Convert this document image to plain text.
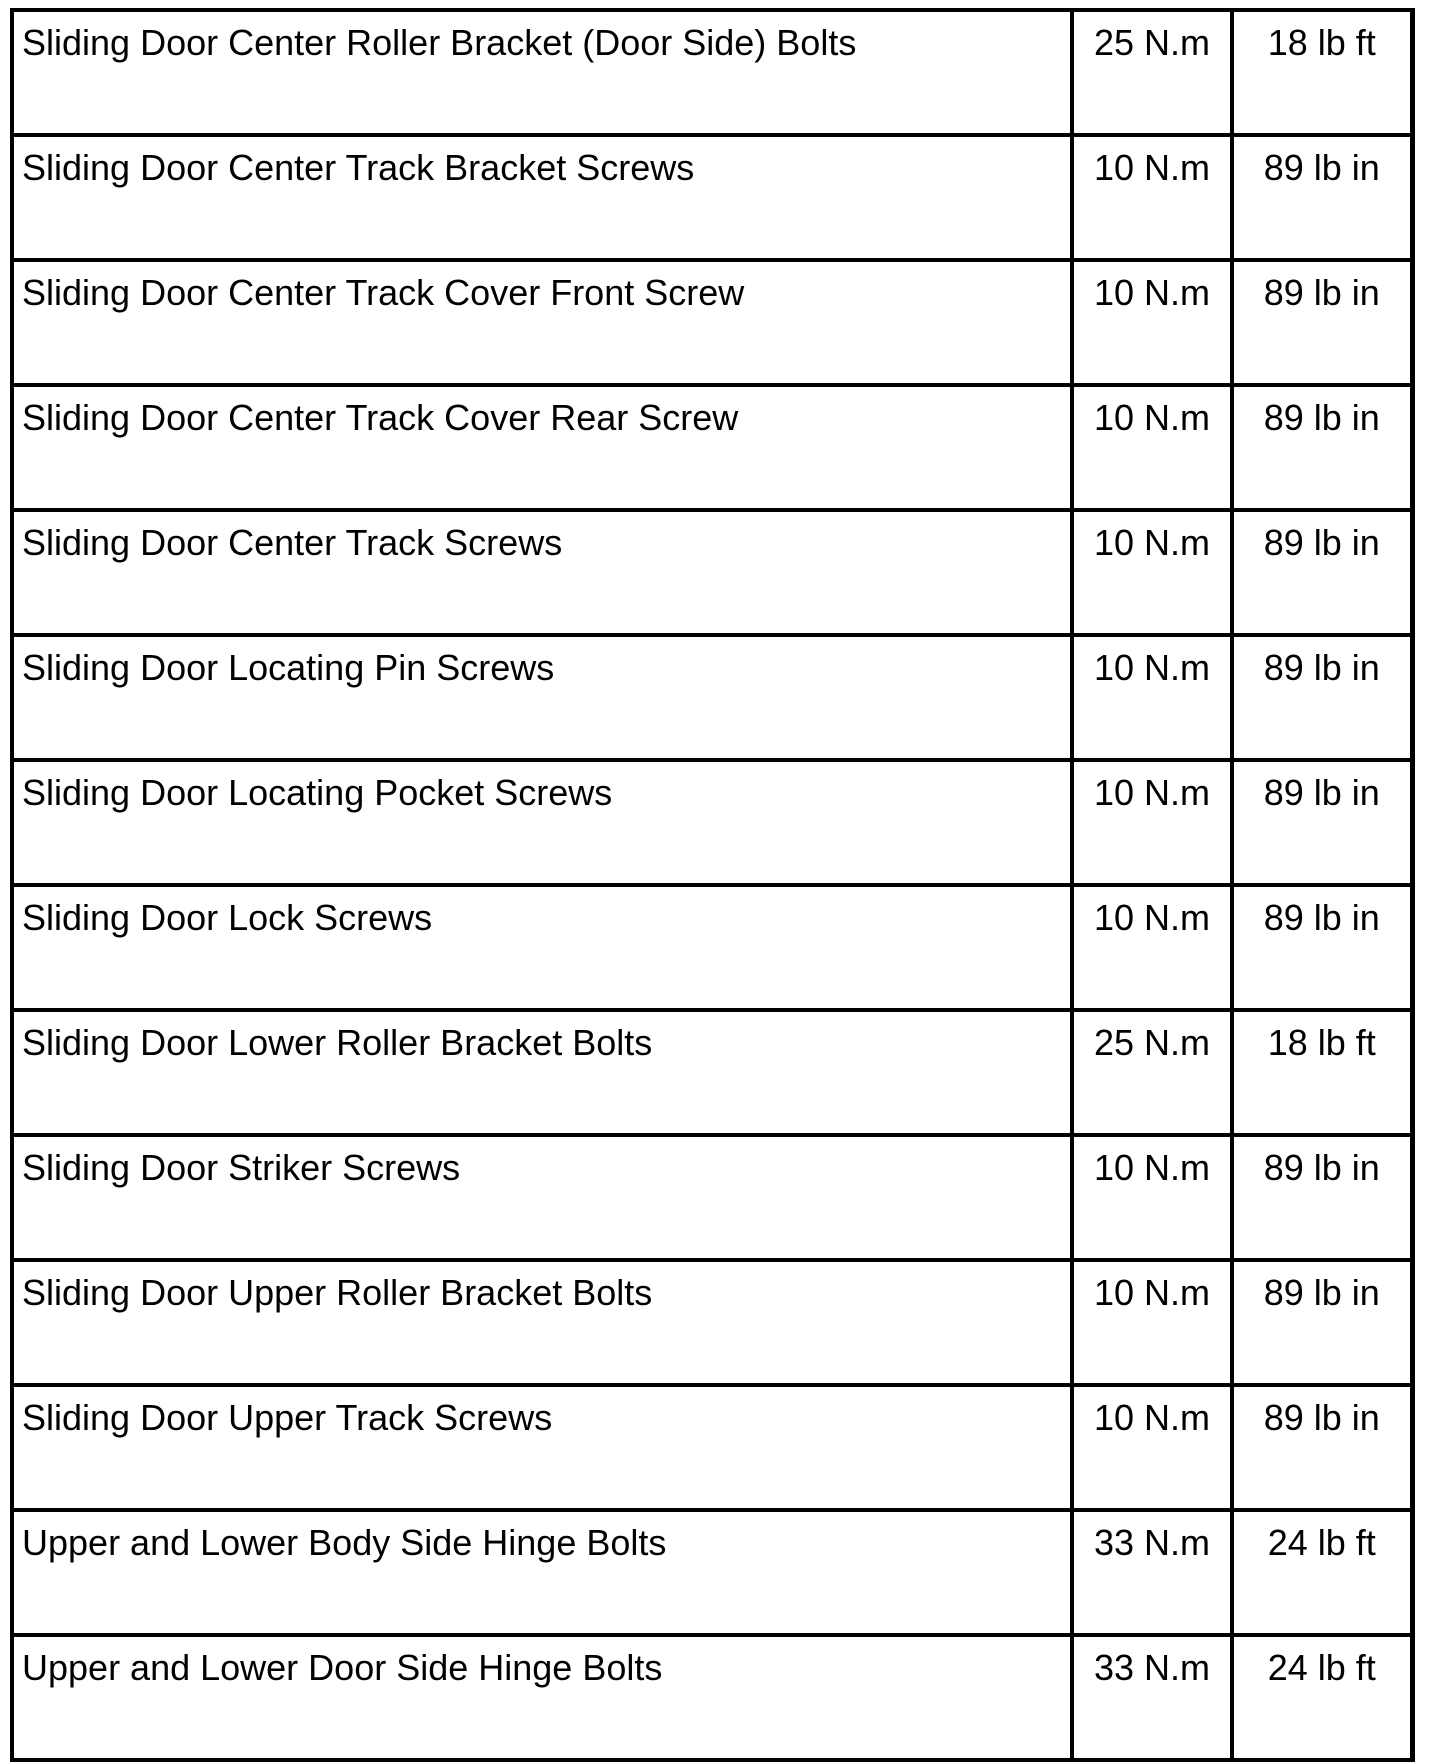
Sliding Door Center Roller Bracket (Door Side) Bolts	25 N.m	18 lb ft
Sliding Door Center Track Bracket Screws	10 N.m	89 lb in
Sliding Door Center Track Cover Front Screw	10 N.m	89 lb in
Sliding Door Center Track Cover Rear Screw	10 N.m	89 lb in
Sliding Door Center Track Screws	10 N.m	89 lb in
Sliding Door Locating Pin Screws	10 N.m	89 lb in
Sliding Door Locating Pocket Screws	10 N.m	89 lb in
Sliding Door Lock Screws	10 N.m	89 lb in
Sliding Door Lower Roller Bracket Bolts	25 N.m	18 lb ft
Sliding Door Striker Screws	10 N.m	89 lb in
Sliding Door Upper Roller Bracket Bolts	10 N.m	89 lb in
Sliding Door Upper Track Screws	10 N.m	89 lb in
Upper and Lower Body Side Hinge Bolts	33 N.m	24 lb ft
Upper and Lower Door Side Hinge Bolts	33 N.m	24 lb ft
